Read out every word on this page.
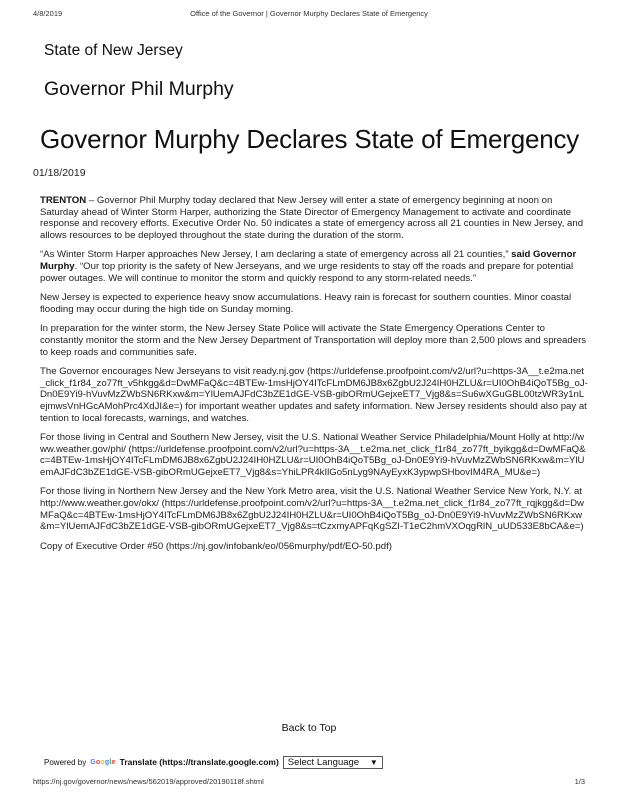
4/8/2019	Office of the Governor | Governor Murphy Declares State of Emergency
State of New Jersey
Governor Phil Murphy
Governor Murphy Declares State of Emergency
01/18/2019

TRENTON – Governor Phil Murphy today declared that New Jersey will enter a state of emergency beginning at noon on Saturday ahead of Winter Storm Harper, authorizing the State Director of Emergency Management to activate and coordinate response and recovery efforts. Executive Order No. 50 indicates a state of emergency across all 21 counties in New Jersey, and allows resources to be deployed throughout the state during the duration of the storm.

“As Winter Storm Harper approaches New Jersey, I am declaring a state of emergency across all 21 counties,” said Governor Murphy. “Our top priority is the safety of New Jerseyans, and we urge residents to stay off the roads and prepare for potential power outages. We will continue to monitor the storm and quickly respond to any storm-related needs.”

New Jersey is expected to experience heavy snow accumulations. Heavy rain is forecast for southern counties. Minor coastal flooding may occur during the high tide on Sunday morning.

In preparation for the winter storm, the New Jersey State Police will activate the State Emergency Operations Center to constantly monitor the storm and the New Jersey Department of Transportation will deploy more than 2,500 plows and spreaders to keep roads and communities safe.

The Governor encourages New Jerseyans to visit ready.nj.gov (https://urldefense.proofpoint.com/v2/url?u=https-3A__t.e2ma.net_click_f1r84_zo77ft_v5hkgg&d=DwMFaQ&c=4BTEw-1msHjOY4ITcFLmDM6JB8x6ZgbU2J24IH0HZLU&r=UI0OhB4iQoT5Bg_oJ-Dn0E9Yi9-hVuvMzZWbSN6RKxw&m=YlUemAJFdC3bZE1dGE-VSB-gibORmUGejxeET7_Vjg8&s=Su6wXGuGBL00tzWR3y1nLejmwsVnHGcAMohPrc4XdJI&e=) for important weather updates and safety information. New Jersey residents should also pay attention to local forecasts, warnings, and watches.

For those living in Central and Southern New Jersey, visit the U.S. National Weather Service Philadelphia/Mount Holly at http://www.weather.gov/phi/ (https://urldefense.proofpoint.com/v2/url?u=https-3A__t.e2ma.net_click_f1r84_zo77ft_byikgg&d=DwMFaQ&c=4BTEw-1msHjOY4ITcFLmDM6JB8x6ZgbU2J24IH0HZLU&r=UI0OhB4iQoT5Bg_oJ-Dn0E9Yi9-hVuvMzZWbSN6RKxw&m=YlUemAJFdC3bZE1dGE-VSB-gibORmUGejxeET7_Vjg8&s=YhiLPR4kIlGo5nLyg9NAyEyxK3ypwpSHbovIM4RA_MU&e=)

For those living in Northern New Jersey and the New York Metro area, visit the U.S. National Weather Service New York, N.Y. at http://www.weather.gov/okx/ (https://urldefense.proofpoint.com/v2/url?u=https-3A__t.e2ma.net_click_f1r84_zo77ft_rqjkgg&d=DwMFaQ&c=4BTEw-1msHjOY4ITcFLmDM6JB8x6ZgbU2J24IH0HZLU&r=UI0OhB4iQoT5Bg_oJ-Dn0E9Yi9-hVuvMzZWbSN6RKxw&m=YlUemAJFdC3bZE1dGE-VSB-gibORmUGejxeET7_Vjg8&s=tCzxmyAPFqKgSZI-T1eC2hmVXOqgRlN_uUD533E8bCA&e=)

Copy of Executive Order #50 (https://nj.gov/infobank/eo/056murphy/pdf/EO-50.pdf)

Back to Top
Powered by Google Translate (https://translate.google.com) Select Language ▼
https://nj.gov/governor/news/news/562019/approved/20190118f.shtml	1/3
